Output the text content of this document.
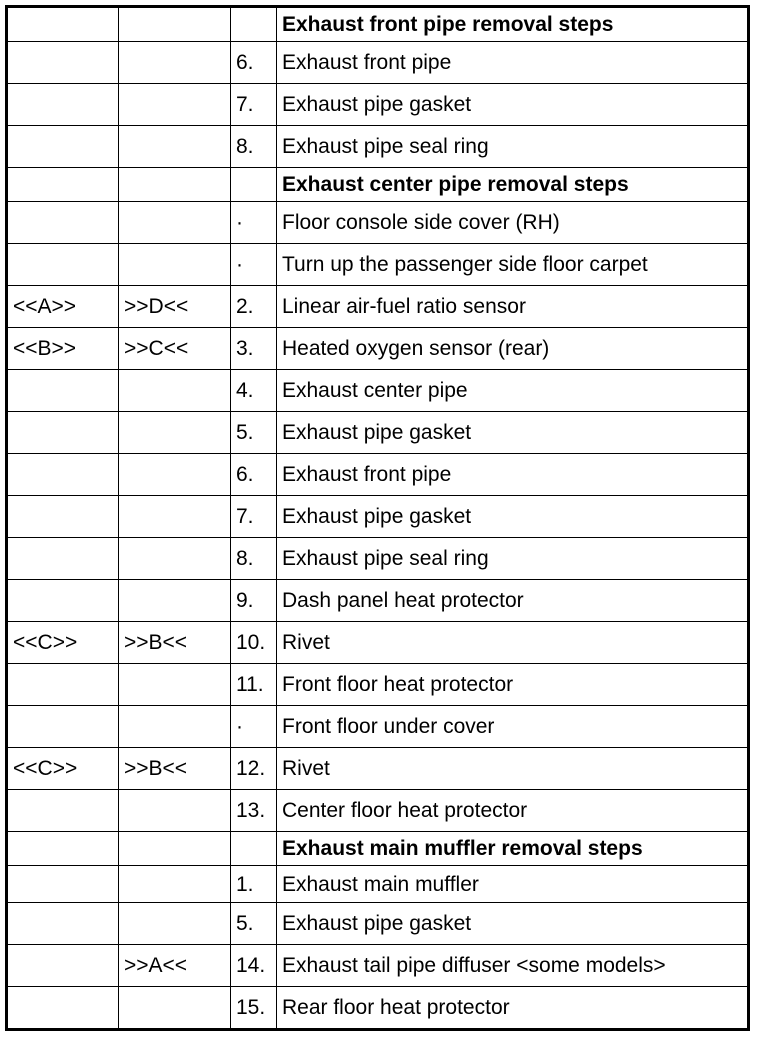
			Exhaust front pipe removal steps
		6.	Exhaust front pipe
		7.	Exhaust pipe gasket
		8.	Exhaust pipe seal ring
			Exhaust center pipe removal steps
		·	Floor console side cover (RH)
		·	Turn up the passenger side floor carpet
<<A>>	>>D<<	2.	Linear air-fuel ratio sensor
<<B>>	>>C<<	3.	Heated oxygen sensor (rear)
		4.	Exhaust center pipe
		5.	Exhaust pipe gasket
		6.	Exhaust front pipe
		7.	Exhaust pipe gasket
		8.	Exhaust pipe seal ring
		9.	Dash panel heat protector
<<C>>	>>B<<	10.	Rivet
		11.	Front floor heat protector
		·	Front floor under cover
<<C>>	>>B<<	12.	Rivet
		13.	Center floor heat protector
			Exhaust main muffler removal steps
		1.	Exhaust main muffler
		5.	Exhaust pipe gasket
	>>A<<	14.	Exhaust tail pipe diffuser <some models>
		15.	Rear floor heat protector
